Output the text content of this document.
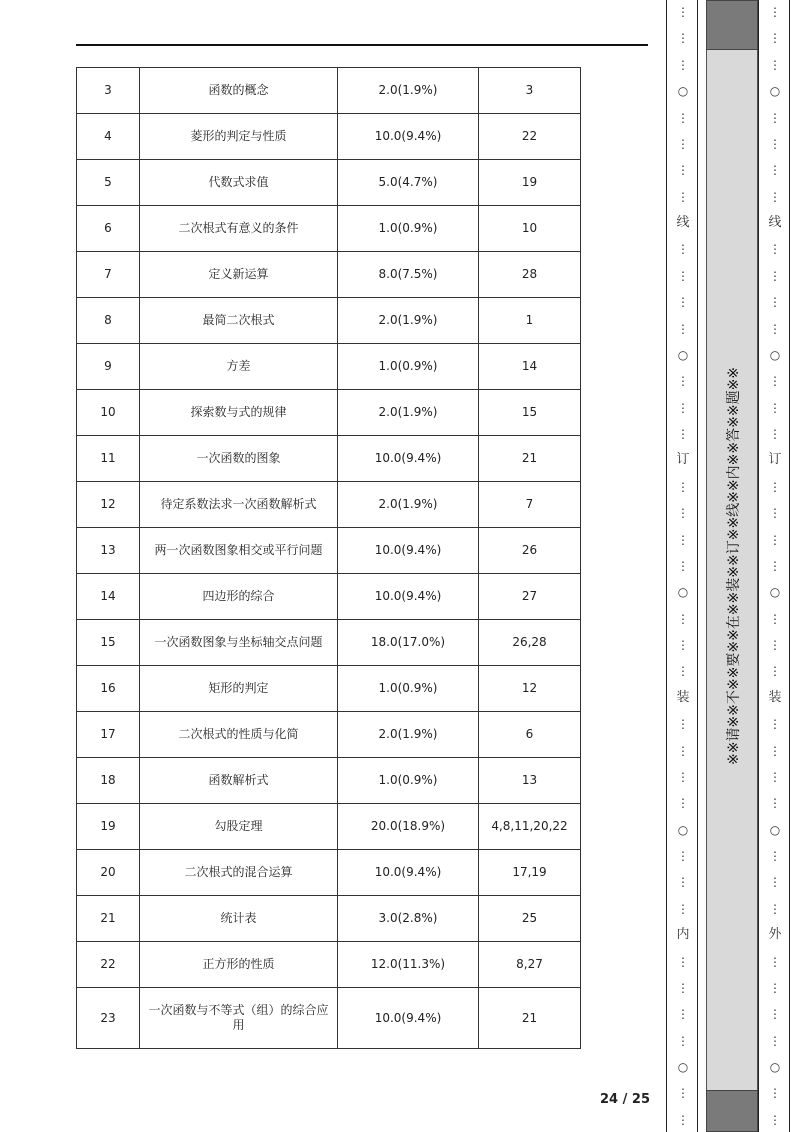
3	函数的概念	2.0(1.9%)	3
4	菱形的判定与性质	10.0(9.4%)	22
5	代数式求值	5.0(4.7%)	19
6	二次根式有意义的条件	1.0(0.9%)	10
7	定义新运算	8.0(7.5%)	28
8	最简二次根式	2.0(1.9%)	1
9	方差	1.0(0.9%)	14
10	探索数与式的规律	2.0(1.9%)	15
11	一次函数的图象	10.0(9.4%)	21
12	待定系数法求一次函数解析式	2.0(1.9%)	7
13	两一次函数图象相交或平行问题	10.0(9.4%)	26
14	四边形的综合	10.0(9.4%)	27
15	一次函数图象与坐标轴交点问题	18.0(17.0%)	26,28
16	矩形的判定	1.0(0.9%)	12
17	二次根式的性质与化简	2.0(1.9%)	6
18	函数解析式	1.0(0.9%)	13
19	勾股定理	20.0(18.9%)	4,8,11,20,22
20	二次根式的混合运算	10.0(9.4%)	17,19
21	统计表	3.0(2.8%)	25
22	正方形的性质	12.0(11.3%)	8,27
23	一次函数与不等式（组）的综合应用	10.0(9.4%)	21
24 / 25
⋮
⋮
⋮
○
⋮
⋮
⋮
⋮
线
⋮
⋮
⋮
⋮
○
⋮
⋮
⋮
订
⋮
⋮
⋮
⋮
○
⋮
⋮
⋮
装
⋮
⋮
⋮
⋮
○
⋮
⋮
⋮
内
⋮
⋮
⋮
⋮
○
⋮
⋮
※※请※※不※※要※※在※※装※※订※※线※※内※※答※※题※※
⋮
⋮
⋮
○
⋮
⋮
⋮
⋮
线
⋮
⋮
⋮
⋮
○
⋮
⋮
⋮
订
⋮
⋮
⋮
⋮
○
⋮
⋮
⋮
装
⋮
⋮
⋮
⋮
○
⋮
⋮
⋮
外
⋮
⋮
⋮
⋮
○
⋮
⋮
